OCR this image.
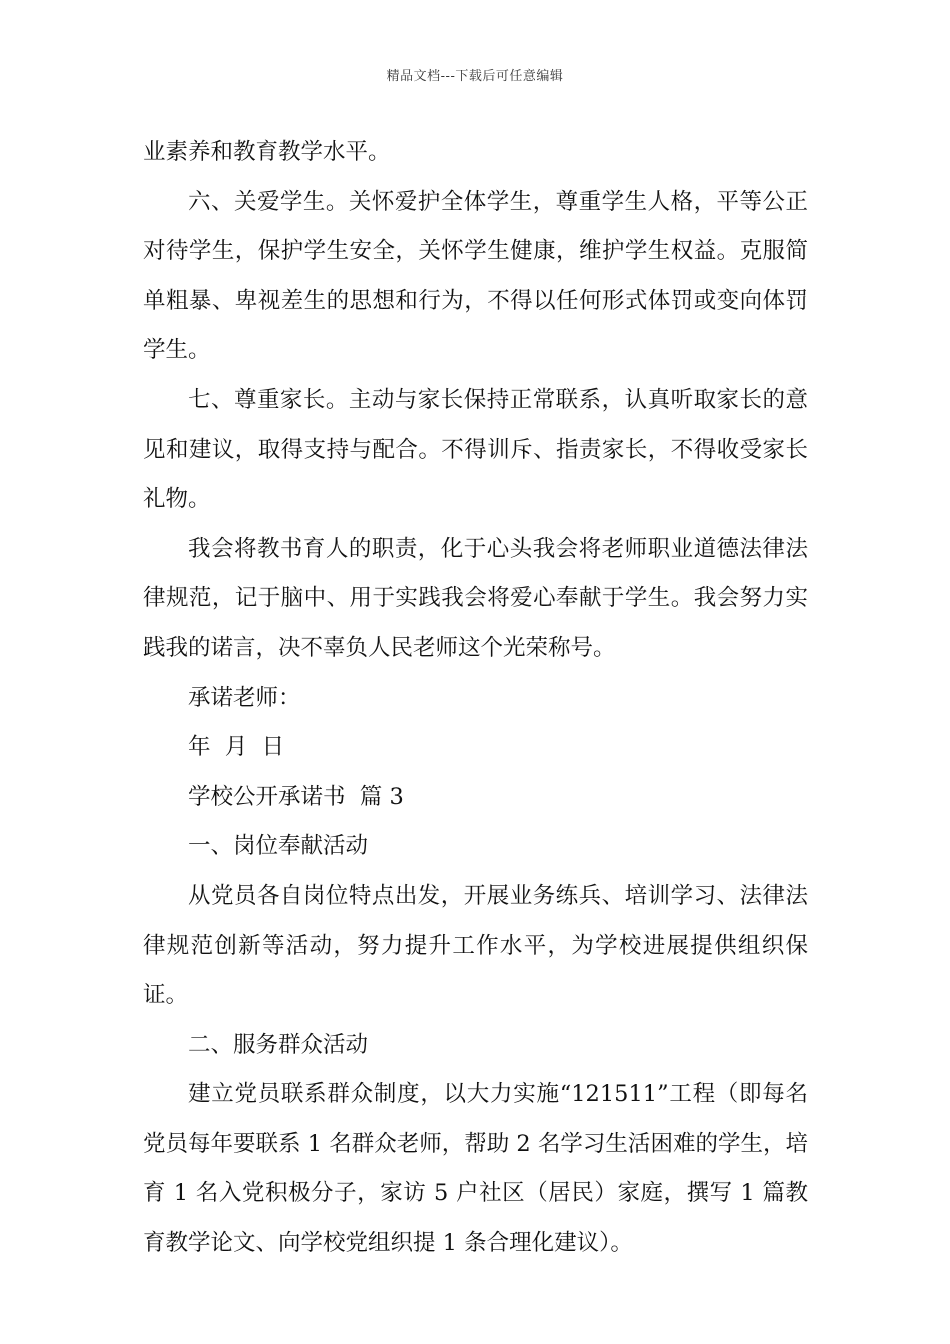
精品文档---下载后可任意编辑

业素养和教育教学水平。

六、关爱学生。关怀爱护全体学生，尊重学生人格，平等公正对待学生，保护学生安全，关怀学生健康，维护学生权益。克服简单粗暴、卑视差生的思想和行为，不得以任何形式体罚或变向体罚学生。

七、尊重家长。主动与家长保持正常联系，认真听取家长的意见和建议，取得支持与配合。不得训斥、指责家长，不得收受家长礼物。

我会将教书育人的职责，化于心头我会将老师职业道德法律法律规范，记于脑中、用于实践我会将爱心奉献于学生。我会努力实践我的诺言，决不辜负人民老师这个光荣称号。

承诺老师：

年  月  日

学校公开承诺书  篇 3

一、岗位奉献活动

从党员各自岗位特点出发，开展业务练兵、培训学习、法律法律规范创新等活动，努力提升工作水平，为学校进展提供组织保证。

二、服务群众活动

建立党员联系群众制度，以大力实施“121511”工程（即每名党员每年要联系 1 名群众老师，帮助 2 名学习生活困难的学生，培育 1 名入党积极分子，家访 5 户社区（居民）家庭，撰写 1 篇教育教学论文、向学校党组织提 1 条合理化建议）。
